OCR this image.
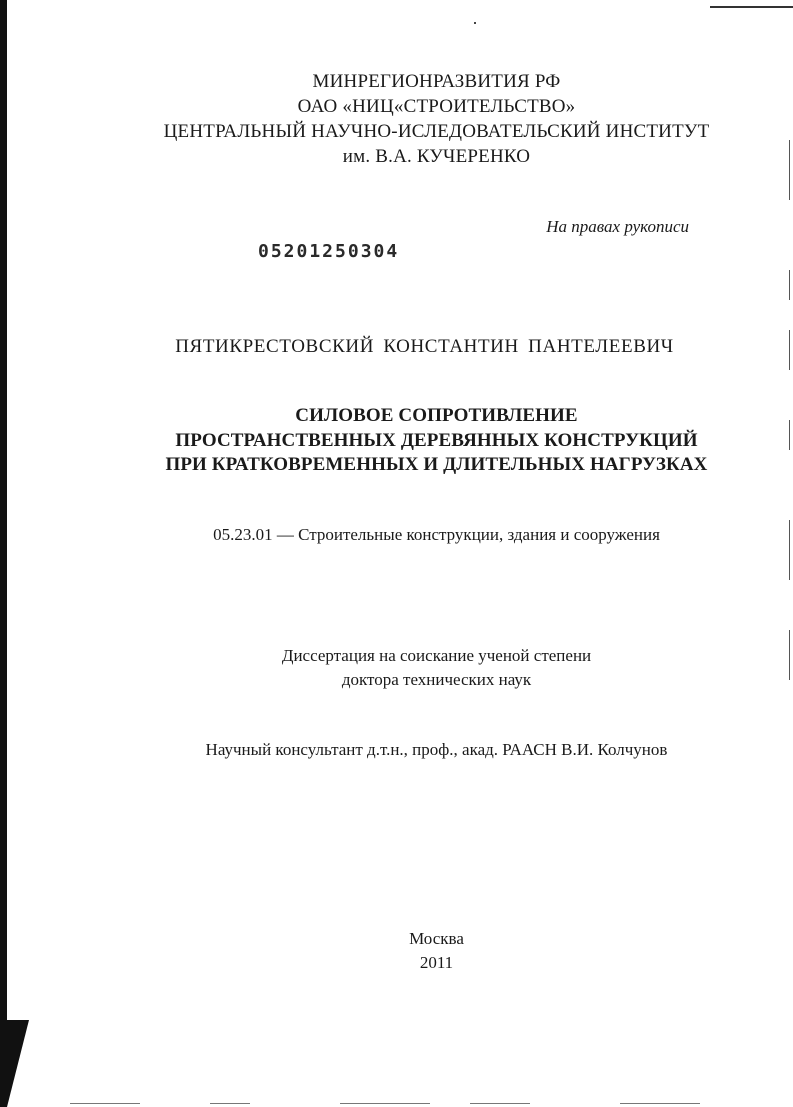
МИНРЕГИОНРАЗВИТИЯ РФ
ОАО «НИЦ«СТРОИТЕЛЬСТВО»
ЦЕНТРАЛЬНЫЙ НАУЧНО-ИСЛЕДОВАТЕЛЬСКИЙ ИНСТИТУТ
им. В.А. КУЧЕРЕНКО
На правах рукописи
05201250304
ПЯТИКРЕСТОВСКИЙ КОНСТАНТИН ПАНТЕЛЕЕВИЧ
СИЛОВОЕ СОПРОТИВЛЕНИЕ
ПРОСТРАНСТВЕННЫХ ДЕРЕВЯННЫХ КОНСТРУКЦИЙ
ПРИ КРАТКОВРЕМЕННЫХ И ДЛИТЕЛЬНЫХ НАГРУЗКАХ
05.23.01 — Строительные конструкции, здания и сооружения
Диссертация на соискание ученой степени
доктора технических наук
Научный консультант д.т.н., проф., акад. РААСН В.И. Колчунов
Москва
2011
